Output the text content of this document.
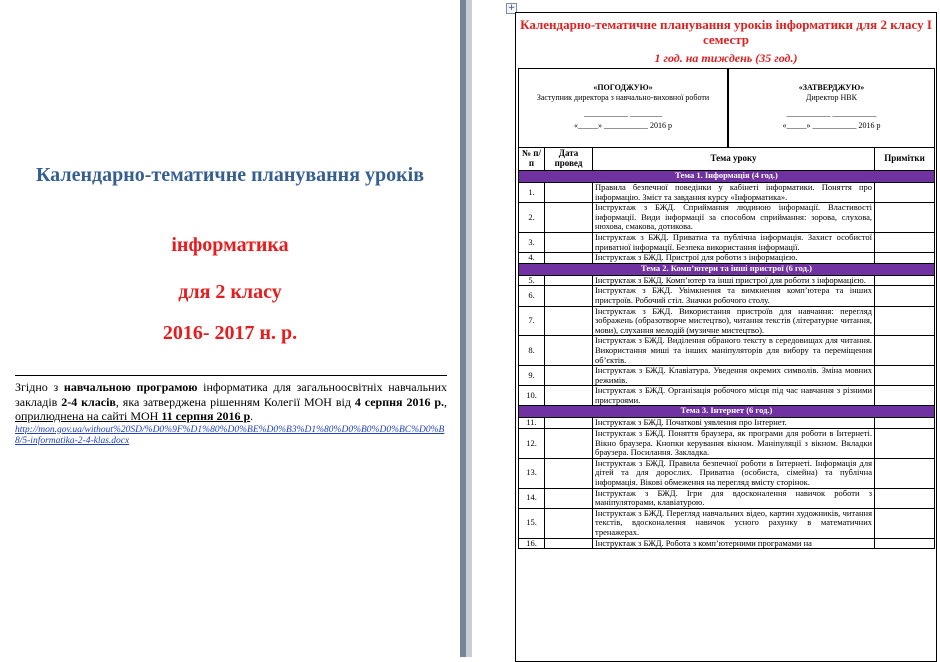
Календарно-тематичне планування уроків
інформатика
для 2 класу
2016- 2017 н. р.
Згідно з навчальною програмою інформатика для загальноосвітніх навчальних закладів 2-4 класів, яка затверджена рішенням Колегії МОН від 4 серпня 2016 р., оприлюднена на сайті МОН 11 серпня 2016 р.
http://mon.gov.ua/without%20SD/%D0%9F%D1%80%D0%BE%D0%B3%D1%80%D0%B0%D0%BC%D0%B8/5-informatika-2-4-klas.docx
+
Календарно-тематичне планування уроків інформатики для 2 класу І семестр
1 год. на тиждень (35 год.)
«ПОГОДЖУЮ»
Заступник директора з навчально-виховної роботи
___________ ________
«_____» ___________ 2016 р
«ЗАТВЕРДЖУЮ»
Директор НВК
___________ ___________
«_____» ___________ 2016 р
№ п/п	Дата провед	Тема уроку	Примітки
Тема 1. Інформація (4 год.)			
1.		Правила безпечної поведінки у кабінеті інформатики. Поняття про інформацію. Зміст та завдання курсу «Інформатика».	
2.		Інструктаж з БЖД. Сприймання людиною інформації. Властивості інформації. Види інформації за способом сприймання: зорова, слухова, нюхова, смакова, дотикова.	
3.		Інструктаж з БЖД. Приватна та публічна інформація. Захист особистої приватної інформації. Безпека використання інформації.	
4.		Інструктаж з БЖД. Пристрої для роботи з інформацією.	
Тема 2. Комп’ютери та інші пристрої (6 год.)			
5.		Інструктаж з БЖД. Комп’ютер та інші пристрої для роботи з інформацією.	
6.		Інструктаж з БЖД. Увімкнення та вимкнення комп’ютера та інших пристроїв. Робочий стіл. Значки робочого столу.	
7.		Інструктаж з БЖД. Використання пристроїв для навчання: перегляд зображень (образотворче мистецтво), читання текстів (літературне читання, мови), слухання мелодій (музичне мистецтво).	
8.		Інструктаж з БЖД. Виділення обраного тексту в середовищах для читання. Використання миші та інших маніпуляторів для вибору та переміщення об’єктів.	
9.		Інструктаж з БЖД. Клавіатура. Уведення окремих символів. Зміна мовних режимів.	
10.		Інструктаж з БЖД. Організація робочого місця під час навчання з різними пристроями.	
Тема 3. Інтернет (6 год.)			
11.		Інструктаж з БЖД. Початкові уявлення про Інтернет.	
12.		Інструктаж з БЖД. Поняття браузера, як програми для роботи в Інтернеті. Вікно браузера. Кнопки керування вікном. Маніпуляції з вікном. Вкладки браузера. Посилання. Закладка.	
13.		Інструктаж з БЖД. Правила безпечної роботи в Інтернеті. Інформація для дітей та для дорослих. Приватна (особиста, сімейна) та публічна інформація. Вікові обмеження на перегляд вмісту сторінок.	
14.		Інструктаж з БЖД. Ігри для вдосконалення навичок роботи з маніпуляторами, клавіатурою.	
15.		Інструктаж з БЖД. Перегляд навчальних відео, картин художників, читання текстів, вдосконалення навичок усного рахунку в математичних тренажерах.	
16.		Інструктаж з БЖД. Робота з комп’ютерними програмами на	
